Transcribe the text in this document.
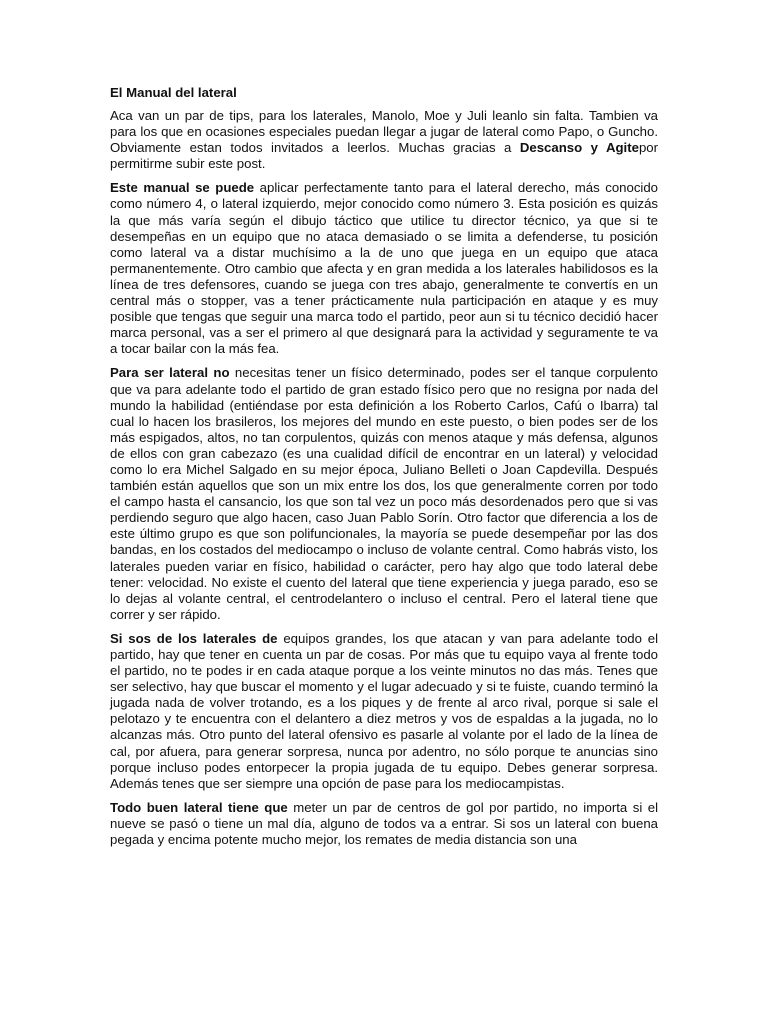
El Manual del lateral

Aca van un par de tips, para los laterales, Manolo, Moe y Juli leanlo sin falta. Tambien va para los que en ocasiones especiales puedan llegar a jugar de lateral como Papo, o Guncho. Obviamente estan todos invitados a leerlos. Muchas gracias a Descanso y Agitepor permitirme subir este post.

Este manual se puede aplicar perfectamente tanto para el lateral derecho, más conocido como número 4, o lateral izquierdo, mejor conocido como número 3. Esta posición es quizás la que más varía según el dibujo táctico que utilice tu director técnico, ya que si te desempeñas en un equipo que no ataca demasiado o se limita a defenderse, tu posición como lateral va a distar muchísimo a la de uno que juega en un equipo que ataca permanentemente. Otro cambio que afecta y en gran medida a los laterales habilidosos es la línea de tres defensores, cuando se juega con tres abajo, generalmente te convertís en un central más o stopper, vas a tener prácticamente nula participación en ataque y es muy posible que tengas que seguir una marca todo el partido, peor aun si tu técnico decidió hacer marca personal, vas a ser el primero al que designará para la actividad y seguramente te va a tocar bailar con la más fea.

Para ser lateral no necesitas tener un físico determinado, podes ser el tanque corpulento que va para adelante todo el partido de gran estado físico pero que no resigna por nada del mundo la habilidad (entiéndase por esta definición a los Roberto Carlos, Cafú o Ibarra) tal cual lo hacen los brasileros, los mejores del mundo en este puesto, o bien podes ser de los más espigados, altos, no tan corpulentos, quizás con menos ataque y más defensa, algunos de ellos con gran cabezazo (es una cualidad difícil de encontrar en un lateral) y velocidad como lo era Michel Salgado en su mejor época, Juliano Belleti o Joan Capdevilla. Después también están aquellos que son un mix entre los dos, los que generalmente corren por todo el campo hasta el cansancio, los que son tal vez un poco más desordenados pero que si vas perdiendo seguro que algo hacen, caso Juan Pablo Sorín. Otro factor que diferencia a los de este último grupo es que son polifuncionales, la mayoría se puede desempeñar por las dos bandas, en los costados del mediocampo o incluso de volante central. Como habrás visto, los laterales pueden variar en físico, habilidad o carácter, pero hay algo que todo lateral debe tener: velocidad. No existe el cuento del lateral que tiene experiencia y juega parado, eso se lo dejas al volante central, el centrodelantero o incluso el central. Pero el lateral tiene que correr y ser rápido.

Si sos de los laterales de equipos grandes, los que atacan y van para adelante todo el partido, hay que tener en cuenta un par de cosas. Por más que tu equipo vaya al frente todo el partido, no te podes ir en cada ataque porque a los veinte minutos no das más. Tenes que ser selectivo, hay que buscar el momento y el lugar adecuado y si te fuiste, cuando terminó la jugada nada de volver trotando, es a los piques y de frente al arco rival, porque si sale el pelotazo y te encuentra con el delantero a diez metros y vos de espaldas a la jugada, no lo alcanzas más. Otro punto del lateral ofensivo es pasarle al volante por el lado de la línea de cal, por afuera, para generar sorpresa, nunca por adentro, no sólo porque te anuncias sino porque incluso podes entorpecer la propia jugada de tu equipo. Debes generar sorpresa. Además tenes que ser siempre una opción de pase para los mediocampistas.

Todo buen lateral tiene que meter un par de centros de gol por partido, no importa si el nueve se pasó o tiene un mal día, alguno de todos va a entrar. Si sos un lateral con buena pegada y encima potente mucho mejor, los remates de media distancia son una
